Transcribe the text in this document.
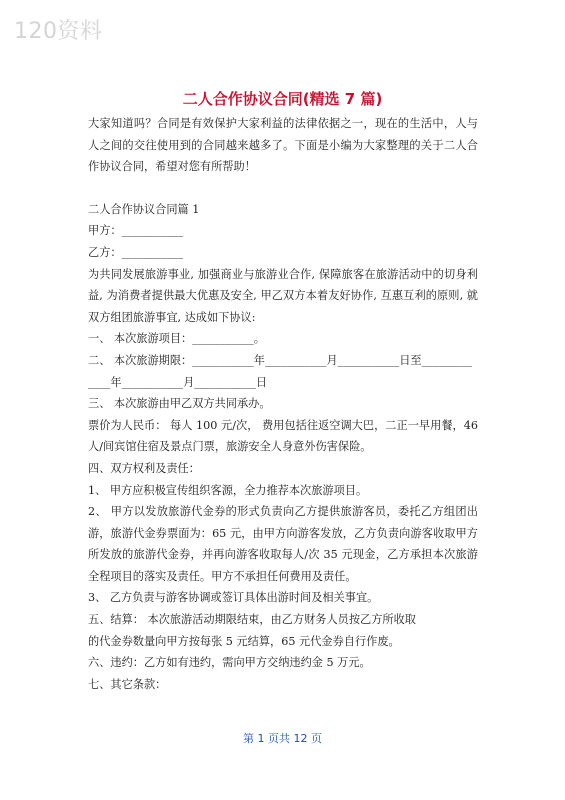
120资料
二人合作协议合同(精选 7 篇)

大家知道吗？合同是有效保护大家利益的法律依据之一，现在的生活中，人与人之间的交往使用到的合同越来越多了。下面是小编为大家整理的关于二人合作协议合同，希望对您有所帮助！

二人合作协议合同篇 1

甲方：___________

乙方：___________

为共同发展旅游事业, 加强商业与旅游业合作, 保障旅客在旅游活动中的切身利益, 为消费者提供最大优惠及安全, 甲乙双方本着友好协作, 互惠互利的原则, 就双方组团旅游事宜, 达成如下协议:

一、 本次旅游项目：___________。

二、 本次旅游期限：___________年___________月___________日至_________

____年___________月___________日

三、 本次旅游由甲乙双方共同承办。

票价为人民币： 每人 100 元/次， 费用包括往返空调大巴，二正一早用餐，46 人/间宾馆住宿及景点门票，旅游安全人身意外伤害保险。

四、双方权利及责任：

1、 甲方应积极宣传组织客源，全力推荐本次旅游项目。

2、 甲方以发放旅游代金券的形式负责向乙方提供旅游客员，委托乙方组团出游，旅游代金券票面为：65 元，由甲方向游客发放，乙方负责向游客收取甲方所发放的旅游代金券，并再向游客收取每人/次 35 元现金，乙方承担本次旅游全程项目的落实及责任。甲方不承担任何费用及责任。

3、 乙方负责与游客协调或签订具体出游时间及相关事宜。

五、结算： 本次旅游活动期限结束，由乙方财务人员按乙方所收取

的代金券数量向甲方按每张 5 元结算，65 元代金券自行作废。

六、违约：乙方如有违约，需向甲方交纳违约金 5 万元。

七、其它条款：

第 1 页共 12 页
